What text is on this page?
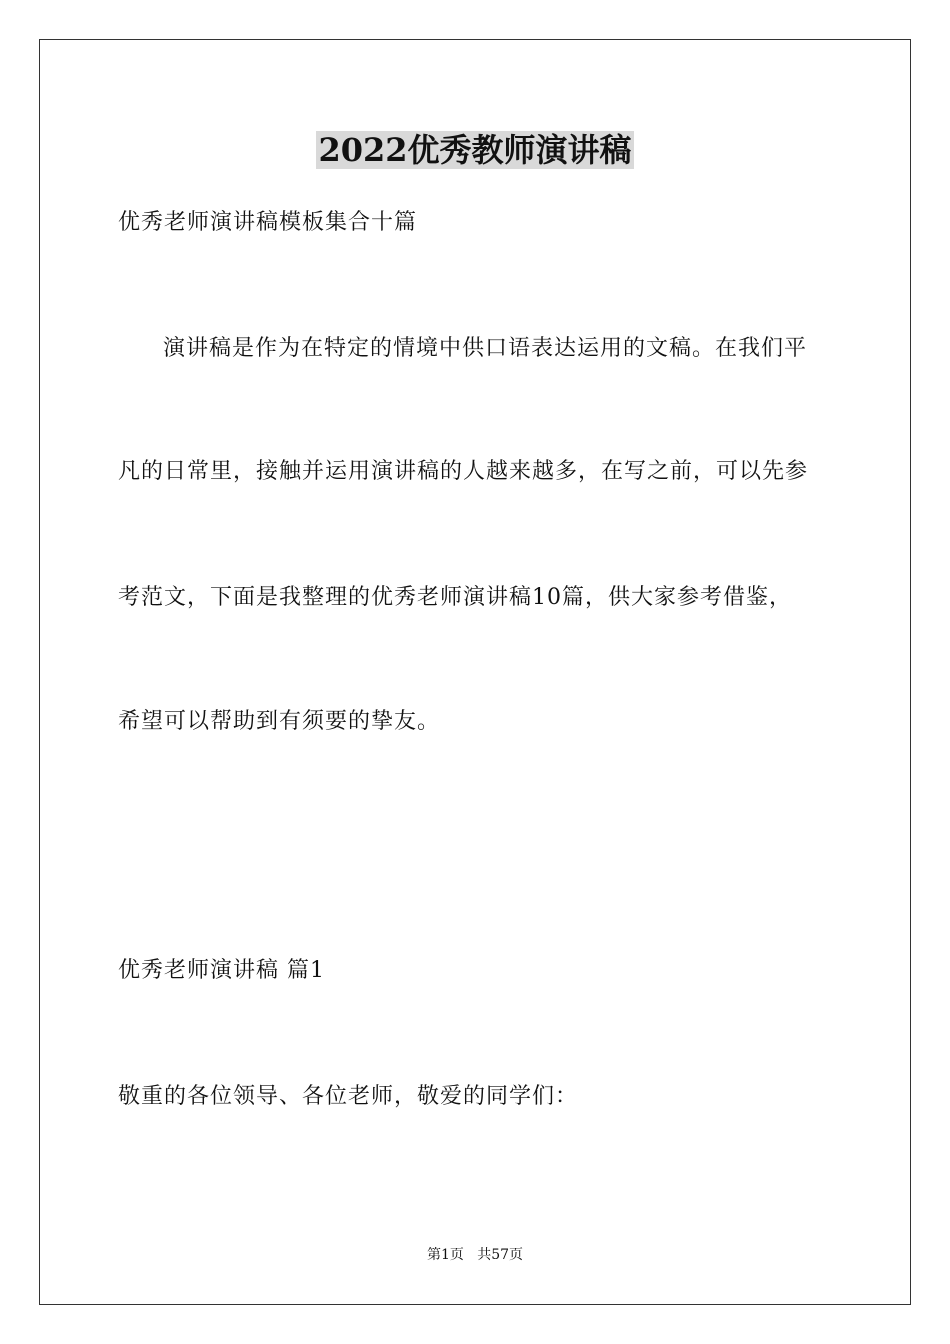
2022优秀教师演讲稿
优秀老师演讲稿模板集合十篇
演讲稿是作为在特定的情境中供口语表达运用的文稿。在我们平
凡的日常里，接触并运用演讲稿的人越来越多，在写之前，可以先参
考范文，下面是我整理的优秀老师演讲稿10篇，供大家参考借鉴，
希望可以帮助到有须要的挚友。
优秀老师演讲稿 篇1
敬重的各位领导、各位老师，敬爱的同学们：
第1页   共57页
